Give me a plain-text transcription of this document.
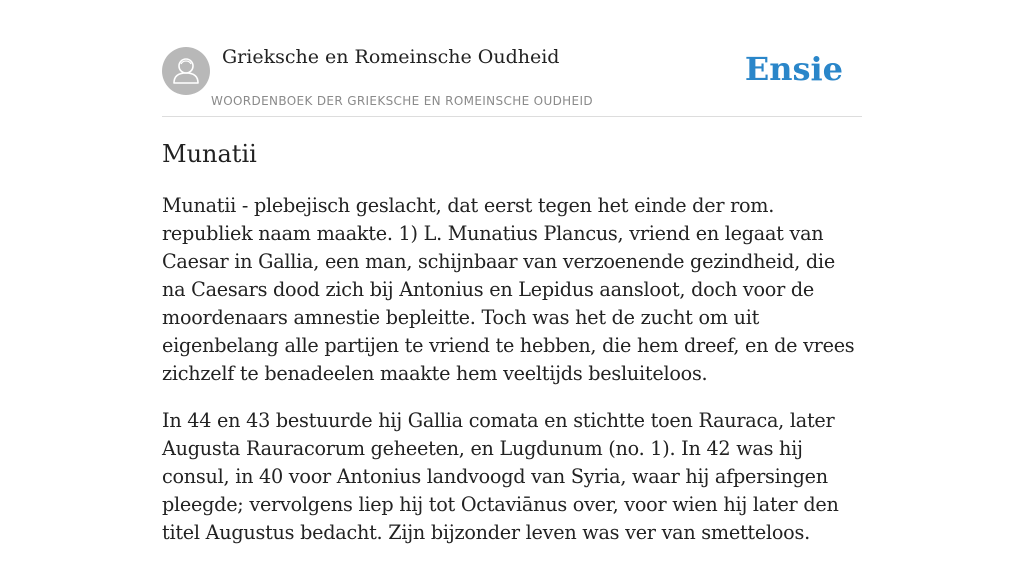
Grieksche en Romeinsche Oudheid
WOORDENBOEK DER GRIEKSCHE EN ROMEINSCHE OUDHEID
Ensie
Munatii

Munatii - plebejisch geslacht, dat eerst tegen het einde der rom. republiek naam maakte. 1) L. Munatius Plancus, vriend en legaat van Caesar in Gallia, een man, schijnbaar van verzoenende gezindheid, die na Caesars dood zich bij Antonius en Lepidus aansloot, doch voor de moordenaars amnestie bepleitte. Toch was het de zucht om uit eigenbelang alle partijen te vriend te hebben, die hem dreef, en de vrees zichzelf te benadeelen maakte hem veeltijds besluiteloos.

In 44 en 43 bestuurde hij Gallia comata en stichtte toen Rauraca, later Augusta Rauracorum geheeten, en Lugdunum (no. 1). In 42 was hij consul, in 40 voor Antonius landvoogd van Syria, waar hij afpersingen pleegde; vervolgens liep hij tot Octaviānus over, voor wien hij later den titel Augustus bedacht. Zijn bijzonder leven was ver van smetteloos.
